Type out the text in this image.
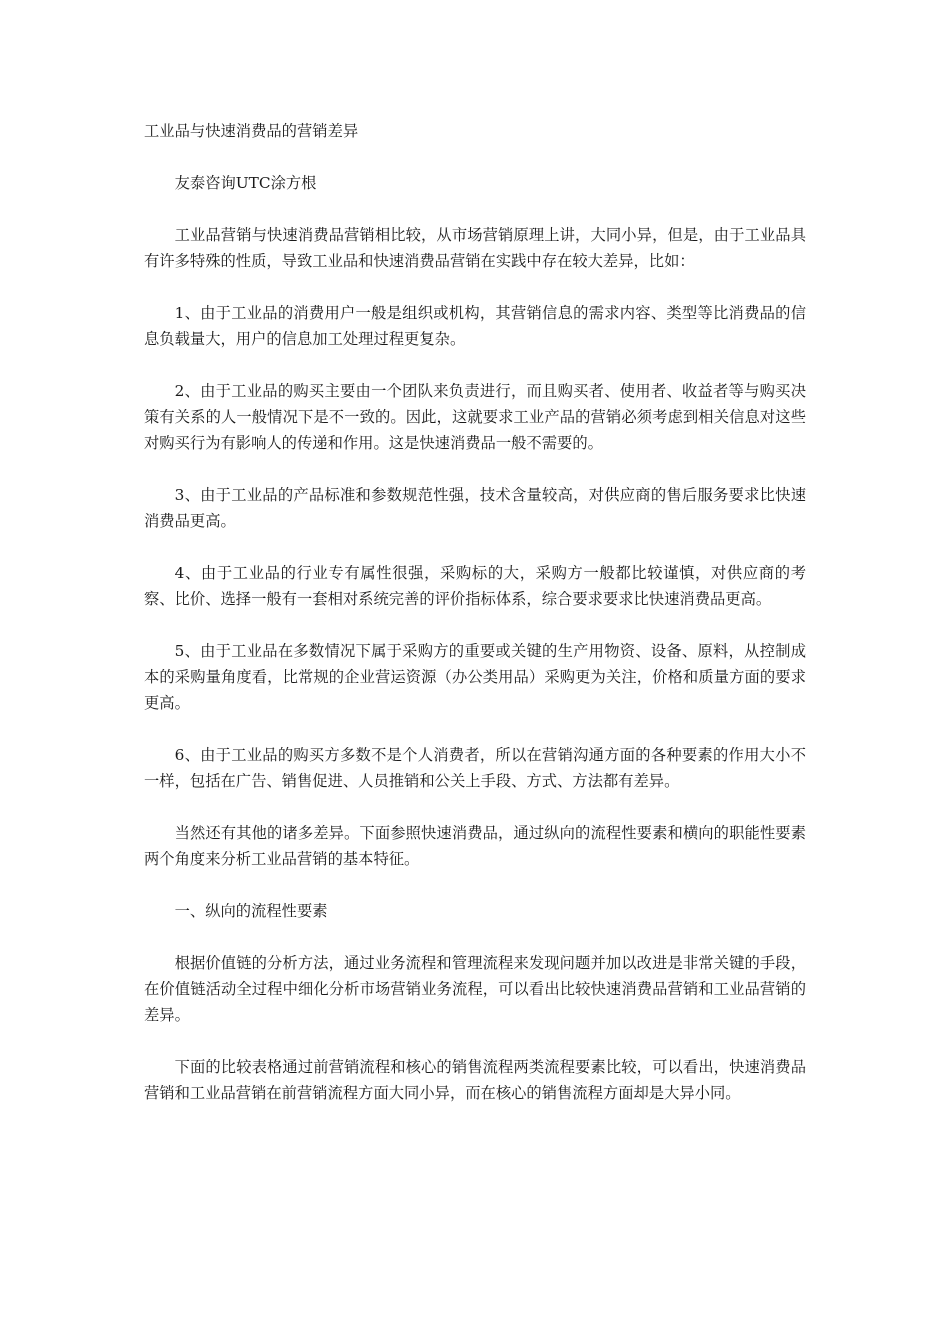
工业品与快速消费品的营销差异

友泰咨询UTC涂方根

工业品营销与快速消费品营销相比较，从市场营销原理上讲，大同小异，但是，由于工业品具有许多特殊的性质，导致工业品和快速消费品营销在实践中存在较大差异，比如：

1、由于工业品的消费用户一般是组织或机构，其营销信息的需求内容、类型等比消费品的信息负载量大，用户的信息加工处理过程更复杂。

2、由于工业品的购买主要由一个团队来负责进行，而且购买者、使用者、收益者等与购买决策有关系的人一般情况下是不一致的。因此，这就要求工业产品的营销必须考虑到相关信息对这些对购买行为有影响人的传递和作用。这是快速消费品一般不需要的。

3、由于工业品的产品标准和参数规范性强，技术含量较高，对供应商的售后服务要求比快速消费品更高。

4、由于工业品的行业专有属性很强，采购标的大，采购方一般都比较谨慎，对供应商的考察、比价、选择一般有一套相对系统完善的评价指标体系，综合要求要求比快速消费品更高。

5、由于工业品在多数情况下属于采购方的重要或关键的生产用物资、设备、原料，从控制成本的采购量角度看，比常规的企业营运资源（办公类用品）采购更为关注，价格和质量方面的要求更高。

6、由于工业品的购买方多数不是个人消费者，所以在营销沟通方面的各种要素的作用大小不一样，包括在广告、销售促进、人员推销和公关上手段、方式、方法都有差异。

当然还有其他的诸多差异。下面参照快速消费品，通过纵向的流程性要素和横向的职能性要素两个角度来分析工业品营销的基本特征。

一、纵向的流程性要素

根据价值链的分析方法，通过业务流程和管理流程来发现问题并加以改进是非常关键的手段，在价值链活动全过程中细化分析市场营销业务流程，可以看出比较快速消费品营销和工业品营销的差异。

下面的比较表格通过前营销流程和核心的销售流程两类流程要素比较，可以看出，快速消费品营销和工业品营销在前营销流程方面大同小异，而在核心的销售流程方面却是大异小同。
